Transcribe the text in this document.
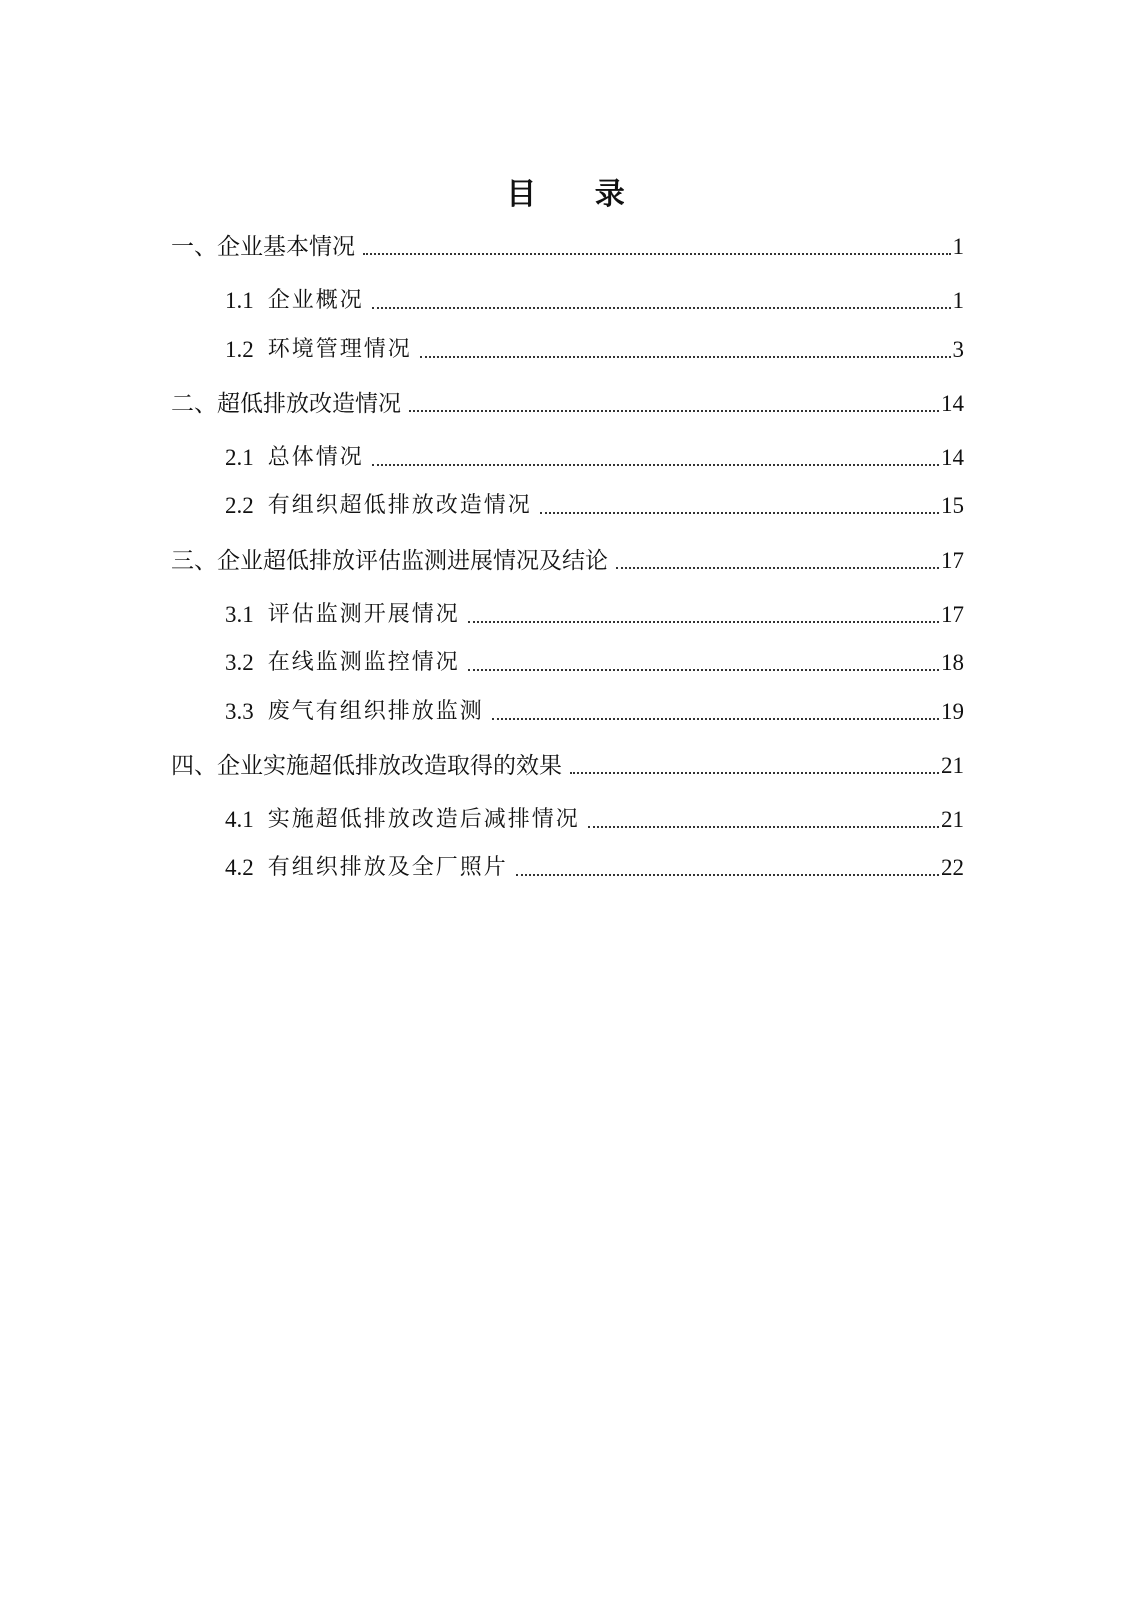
目 录
一、 企业基本情况	1
1.1 企业概况	1
1.2 环境管理情况	3
二、 超低排放改造情况	14
2.1 总体情况	14
2.2 有组织超低排放改造情况	15
三、 企业超低排放评估监测进展情况及结论	17
3.1 评估监测开展情况	17
3.2 在线监测监控情况	18
3.3 废气有组织排放监测	19
四、 企业实施超低排放改造取得的效果	21
4.1 实施超低排放改造后减排情况	21
4.2 有组织排放及全厂照片	22
